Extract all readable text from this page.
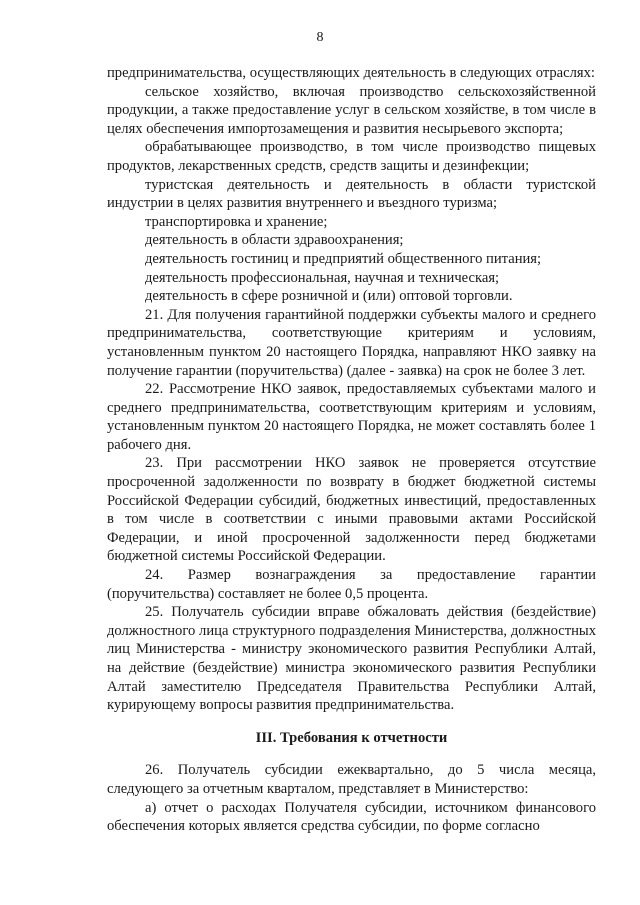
8

предпринимательства, осуществляющих деятельность в следующих отраслях:

сельское хозяйство, включая производство сельскохозяйственной продукции, а также предоставление услуг в сельском хозяйстве, в том числе в целях обеспечения импортозамещения и развития несырьевого экспорта;

обрабатывающее производство, в том числе производство пищевых продуктов, лекарственных средств, средств защиты и дезинфекции;

туристская деятельность и деятельность в области туристской индустрии в целях развития внутреннего и въездного туризма;

транспортировка и хранение;

деятельность в области здравоохранения;

деятельность гостиниц и предприятий общественного питания;

деятельность профессиональная, научная и техническая;

деятельность в сфере розничной и (или) оптовой торговли.

21. Для получения гарантийной поддержки субъекты малого и среднего предпринимательства, соответствующие критериям и условиям, установленным пунктом 20 настоящего Порядка, направляют НКО заявку на получение гарантии (поручительства) (далее - заявка) на срок не более 3 лет.

22. Рассмотрение НКО заявок, предоставляемых субъектами малого и среднего предпринимательства, соответствующим критериям и условиям, установленным пунктом 20 настоящего Порядка, не может составлять более 1 рабочего дня.

23. При рассмотрении НКО заявок не проверяется отсутствие просроченной задолженности по возврату в бюджет бюджетной системы Российской Федерации субсидий, бюджетных инвестиций, предоставленных в том числе в соответствии с иными правовыми актами Российской Федерации, и иной просроченной задолженности перед бюджетами бюджетной системы Российской Федерации.

24. Размер вознаграждения за предоставление гарантии (поручительства) составляет не более 0,5 процента.

25. Получатель субсидии вправе обжаловать действия (бездействие) должностного лица структурного подразделения Министерства, должностных лиц Министерства - министру экономического развития Республики Алтай, на действие (бездействие) министра экономического развития Республики Алтай заместителю Председателя Правительства Республики Алтай, курирующему вопросы развития предпринимательства.

III. Требования к отчетности

26. Получатель субсидии ежеквартально, до 5 числа месяца, следующего за отчетным кварталом, представляет в Министерство:

а) отчет о расходах Получателя субсидии, источником финансового обеспечения которых является средства субсидии, по форме согласно
